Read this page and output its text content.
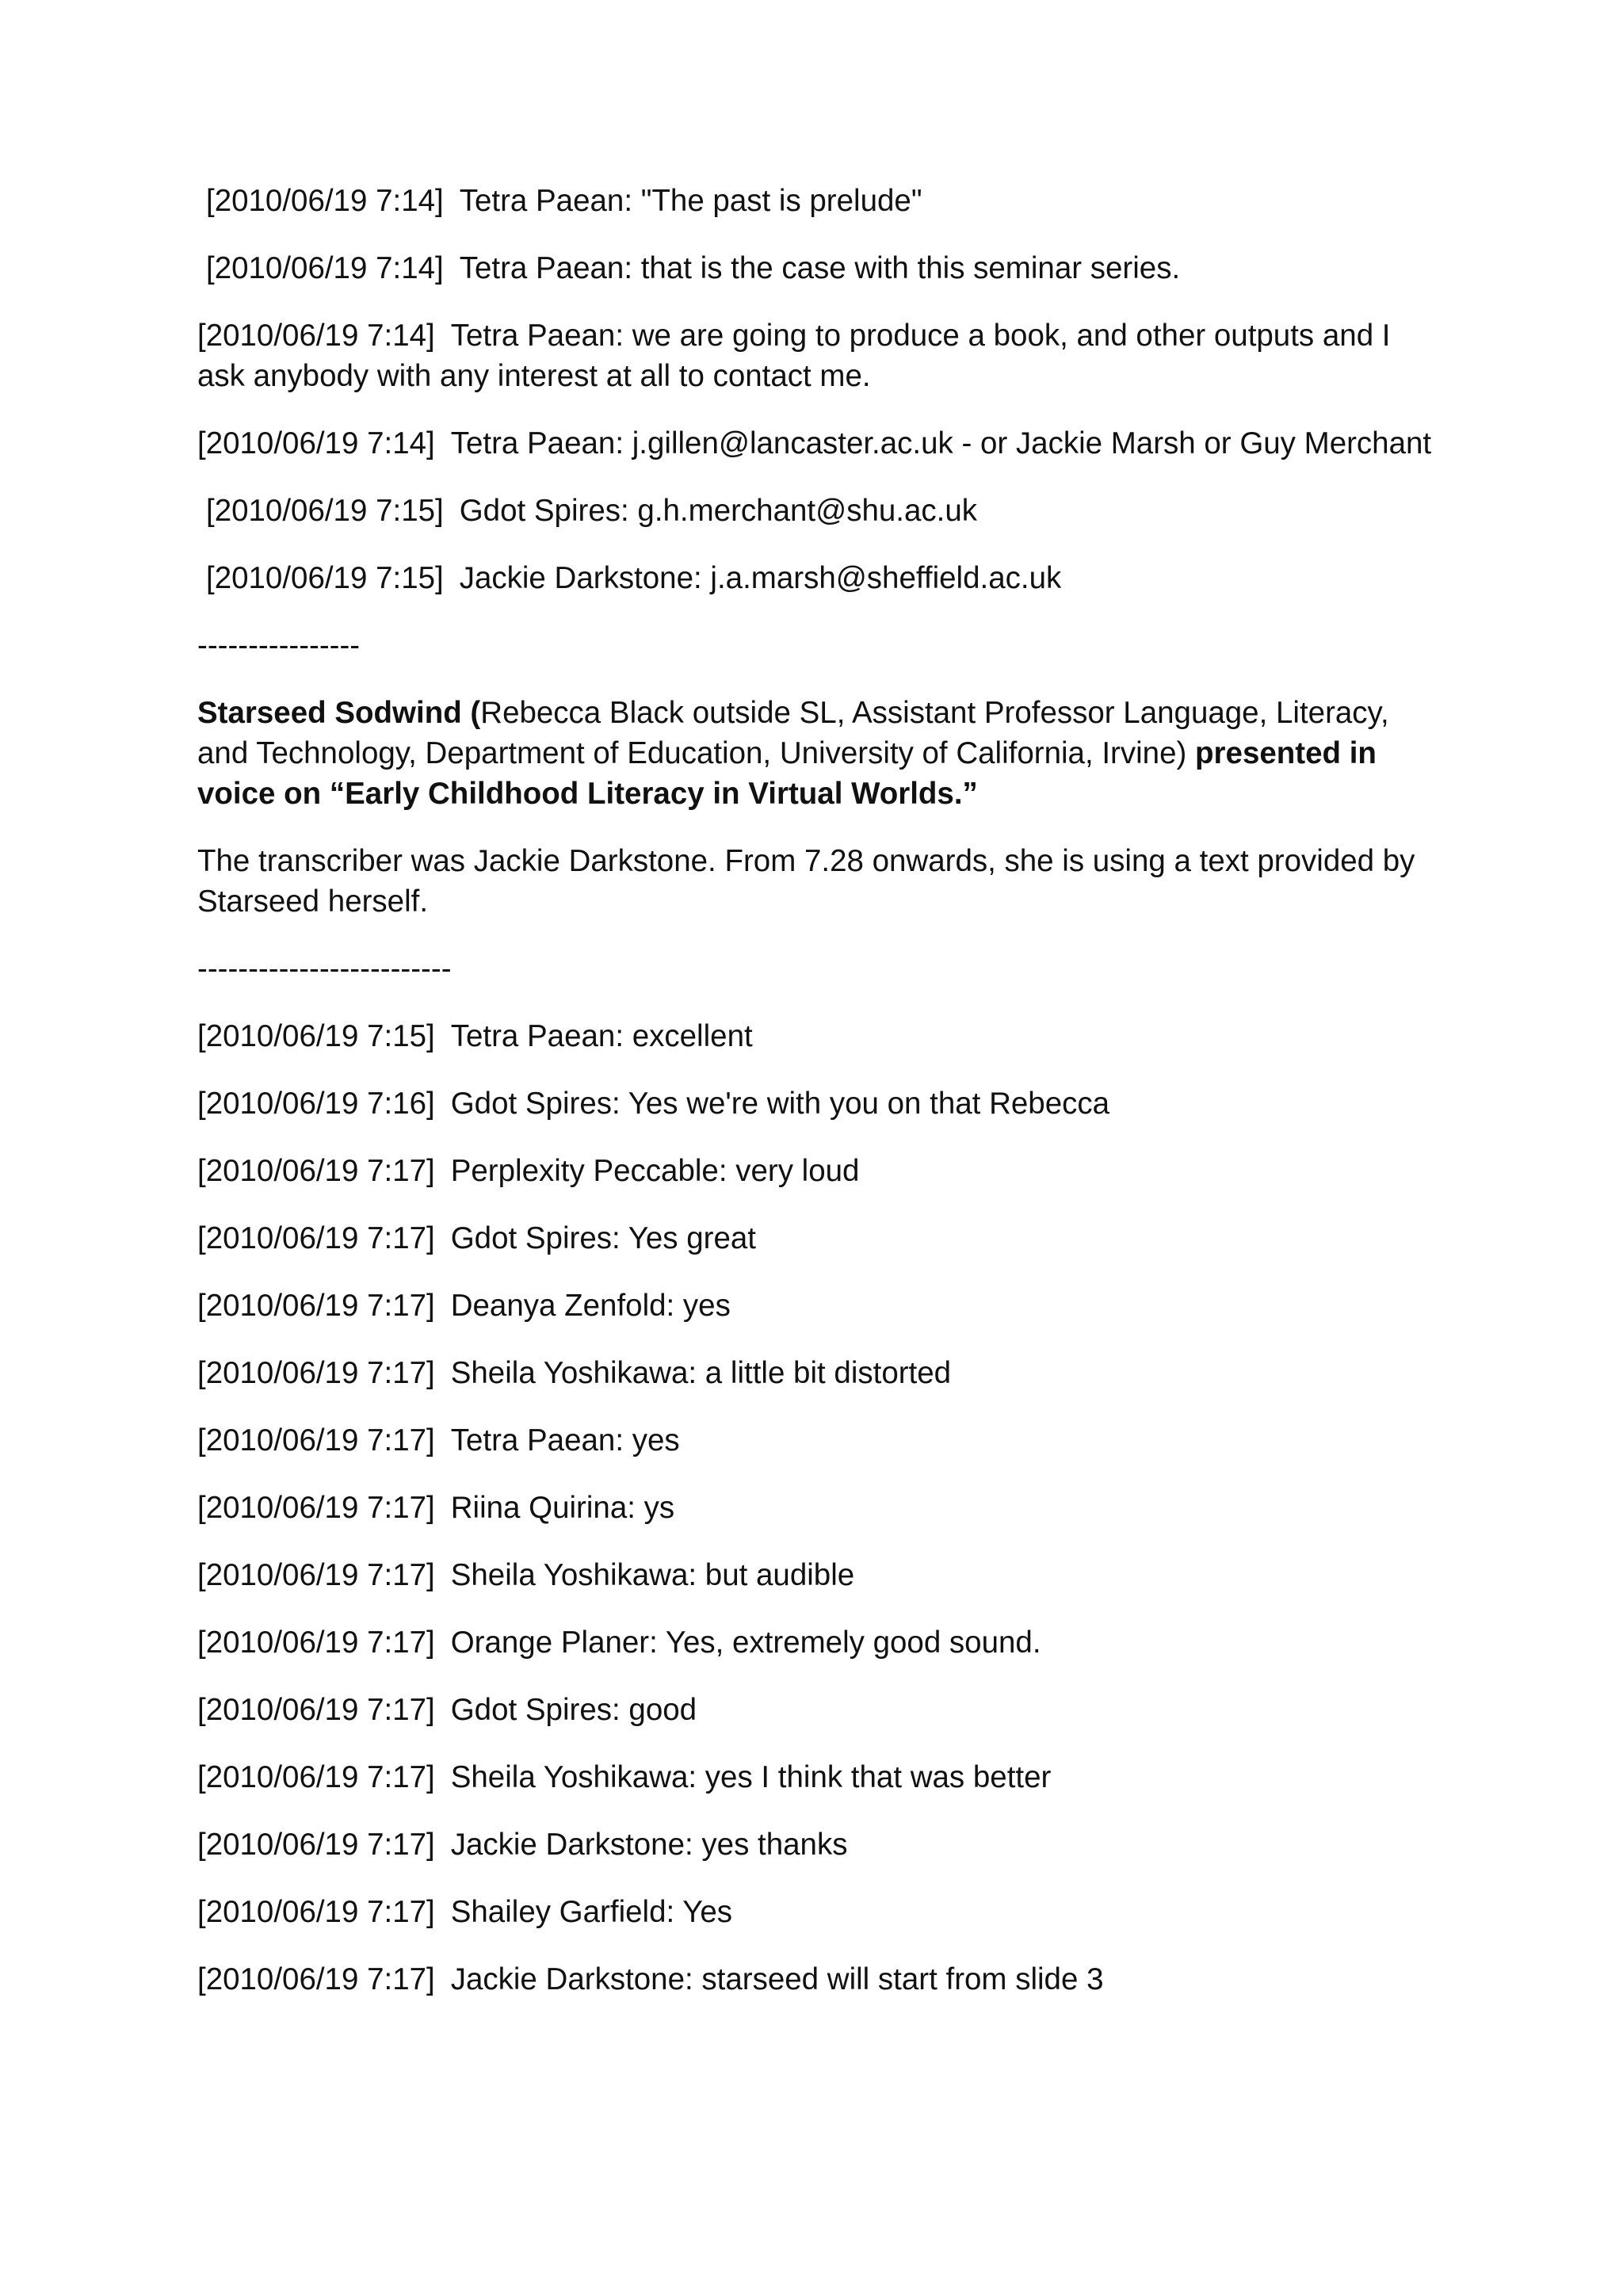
[2010/06/19 7:14] Tetra Paean: "The past is prelude"

[2010/06/19 7:14] Tetra Paean: that is the case with this seminar series.

[2010/06/19 7:14] Tetra Paean: we are going to produce a book, and other outputs and I ask anybody with any interest at all to contact me.

[2010/06/19 7:14] Tetra Paean: j.gillen@lancaster.ac.uk - or Jackie Marsh or Guy Merchant

[2010/06/19 7:15] Gdot Spires: g.h.merchant@shu.ac.uk

[2010/06/19 7:15] Jackie Darkstone: j.a.marsh@sheffield.ac.uk

----------------

Starseed Sodwind (Rebecca Black outside SL, Assistant Professor Language, Literacy, and Technology, Department of Education, University of California, Irvine) presented in voice on “Early Childhood Literacy in Virtual Worlds.”

The transcriber was Jackie Darkstone. From 7.28 onwards, she is using a text provided by Starseed herself.

-------------------------

[2010/06/19 7:15] Tetra Paean: excellent

[2010/06/19 7:16] Gdot Spires: Yes we're with you on that Rebecca

[2010/06/19 7:17] Perplexity Peccable: very loud

[2010/06/19 7:17] Gdot Spires: Yes great

[2010/06/19 7:17] Deanya Zenfold: yes

[2010/06/19 7:17] Sheila Yoshikawa: a little bit distorted

[2010/06/19 7:17] Tetra Paean: yes

[2010/06/19 7:17] Riina Quirina: ys

[2010/06/19 7:17] Sheila Yoshikawa: but audible

[2010/06/19 7:17] Orange Planer: Yes, extremely good sound.

[2010/06/19 7:17] Gdot Spires: good

[2010/06/19 7:17] Sheila Yoshikawa: yes I think that was better

[2010/06/19 7:17] Jackie Darkstone: yes thanks

[2010/06/19 7:17] Shailey Garfield: Yes

[2010/06/19 7:17] Jackie Darkstone: starseed will start from slide 3
